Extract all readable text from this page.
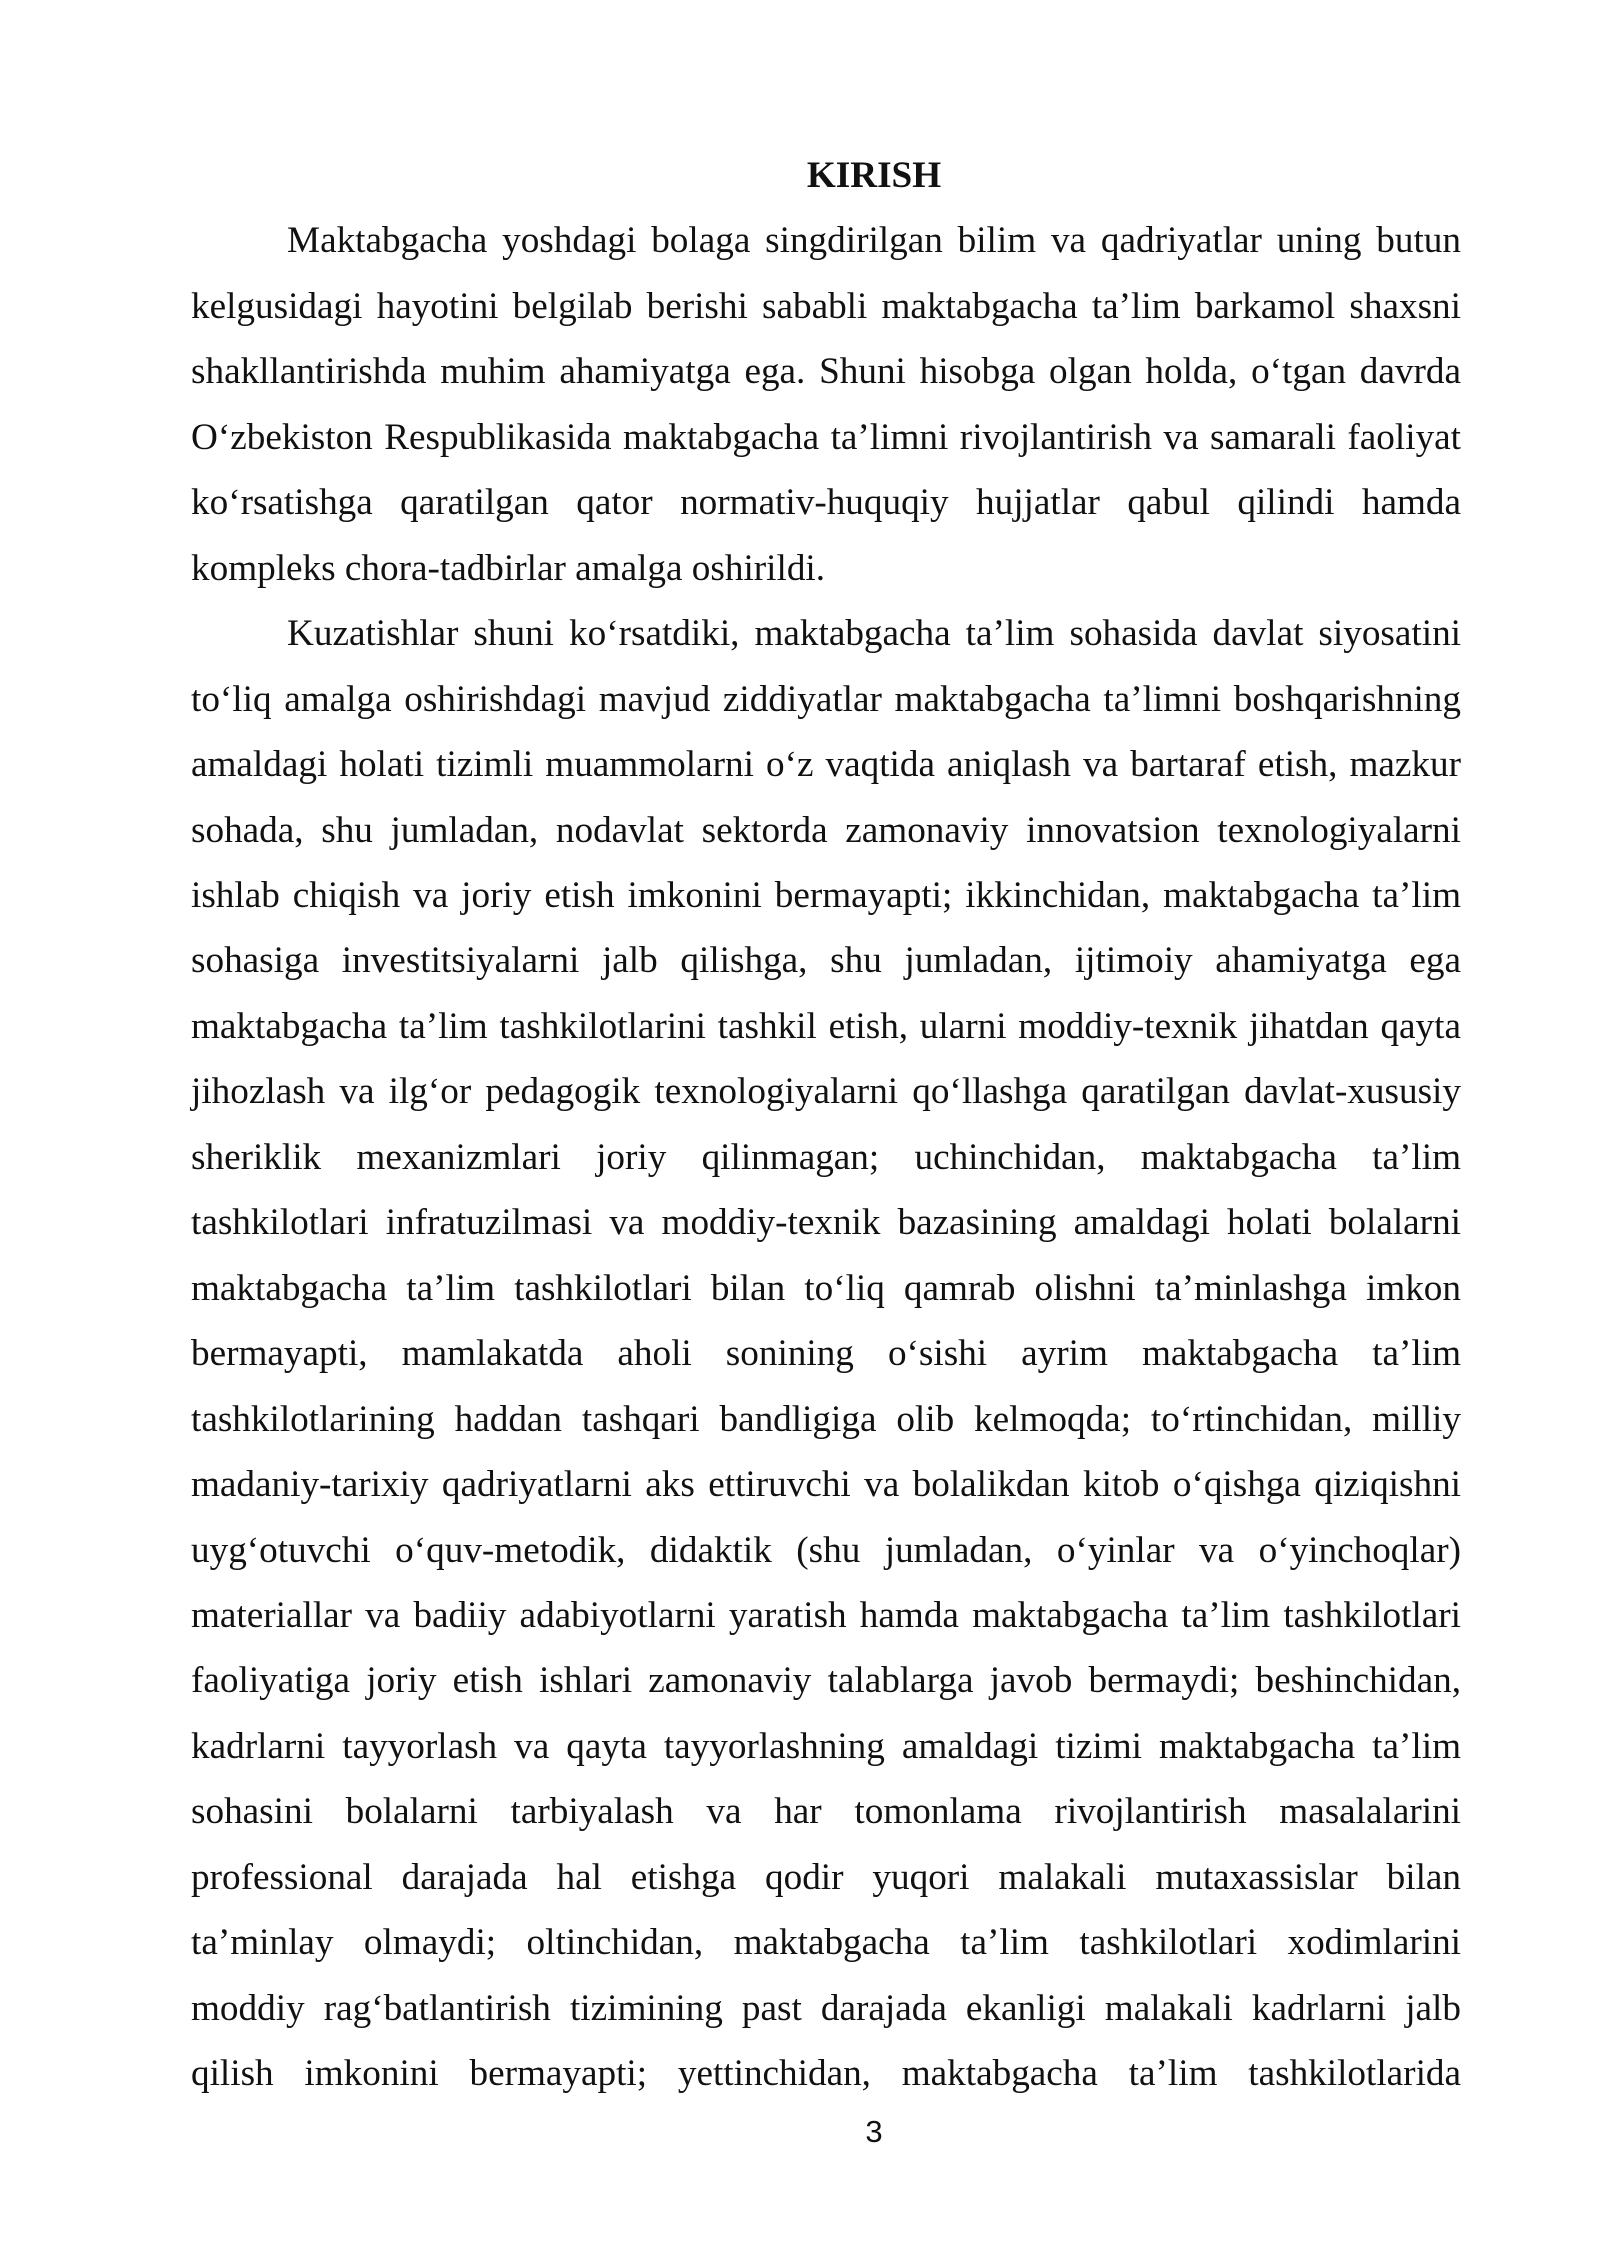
KIRISH
Maktabgacha yoshdagi bolaga singdirilgan bilim va qadriyatlar uning butun
kelgusidagi hayotini belgilab berishi sababli maktabgacha ta’lim barkamol shaxsni
shakllantirishda muhim ahamiyatga ega. Shuni hisobga olgan holda, o‘tgan davrda
O‘zbekiston Respublikasida maktabgacha ta’limni rivojlantirish va samarali faoliyat
ko‘rsatishga qaratilgan qator normativ-huquqiy hujjatlar qabul qilindi hamda
kompleks chora-tadbirlar amalga oshirildi.
Kuzatishlar shuni ko‘rsatdiki, maktabgacha ta’lim sohasida davlat siyosatini
to‘liq amalga oshirishdagi mavjud ziddiyatlar maktabgacha ta’limni boshqarishning
amaldagi holati tizimli muammolarni o‘z vaqtida aniqlash va bartaraf etish, mazkur
sohada, shu jumladan, nodavlat sektorda zamonaviy innovatsion texnologiyalarni
ishlab chiqish va joriy etish imkonini bermayapti; ikkinchidan, maktabgacha ta’lim
sohasiga investitsiyalarni jalb qilishga, shu jumladan, ijtimoiy ahamiyatga ega
maktabgacha ta’lim tashkilotlarini tashkil etish, ularni moddiy-texnik jihatdan qayta
jihozlash va ilg‘or pedagogik texnologiyalarni qo‘llashga qaratilgan davlat-xususiy
sheriklik mexanizmlari joriy qilinmagan; uchinchidan, maktabgacha ta’lim
tashkilotlari infratuzilmasi va moddiy-texnik bazasining amaldagi holati bolalarni
maktabgacha ta’lim tashkilotlari bilan to‘liq qamrab olishni ta’minlashga imkon
bermayapti, mamlakatda aholi sonining o‘sishi ayrim maktabgacha ta’lim
tashkilotlarining haddan tashqari bandligiga olib kelmoqda; to‘rtinchidan, milliy
madaniy-tarixiy qadriyatlarni aks ettiruvchi va bolalikdan kitob o‘qishga qiziqishni
uyg‘otuvchi o‘quv-metodik, didaktik (shu jumladan, o‘yinlar va o‘yinchoqlar)
materiallar va badiiy adabiyotlarni yaratish hamda maktabgacha ta’lim tashkilotlari
faoliyatiga joriy etish ishlari zamonaviy talablarga javob bermaydi; beshinchidan,
kadrlarni tayyorlash va qayta tayyorlashning amaldagi tizimi maktabgacha ta’lim
sohasini bolalarni tarbiyalash va har tomonlama rivojlantirish masalalarini
professional darajada hal etishga qodir yuqori malakali mutaxassislar bilan
ta’minlay olmaydi; oltinchidan, maktabgacha ta’lim tashkilotlari xodimlarini
moddiy rag‘batlantirish tizimining past darajada ekanligi malakali kadrlarni jalb
qilish imkonini bermayapti; yettinchidan, maktabgacha ta’lim tashkilotlarida
3
